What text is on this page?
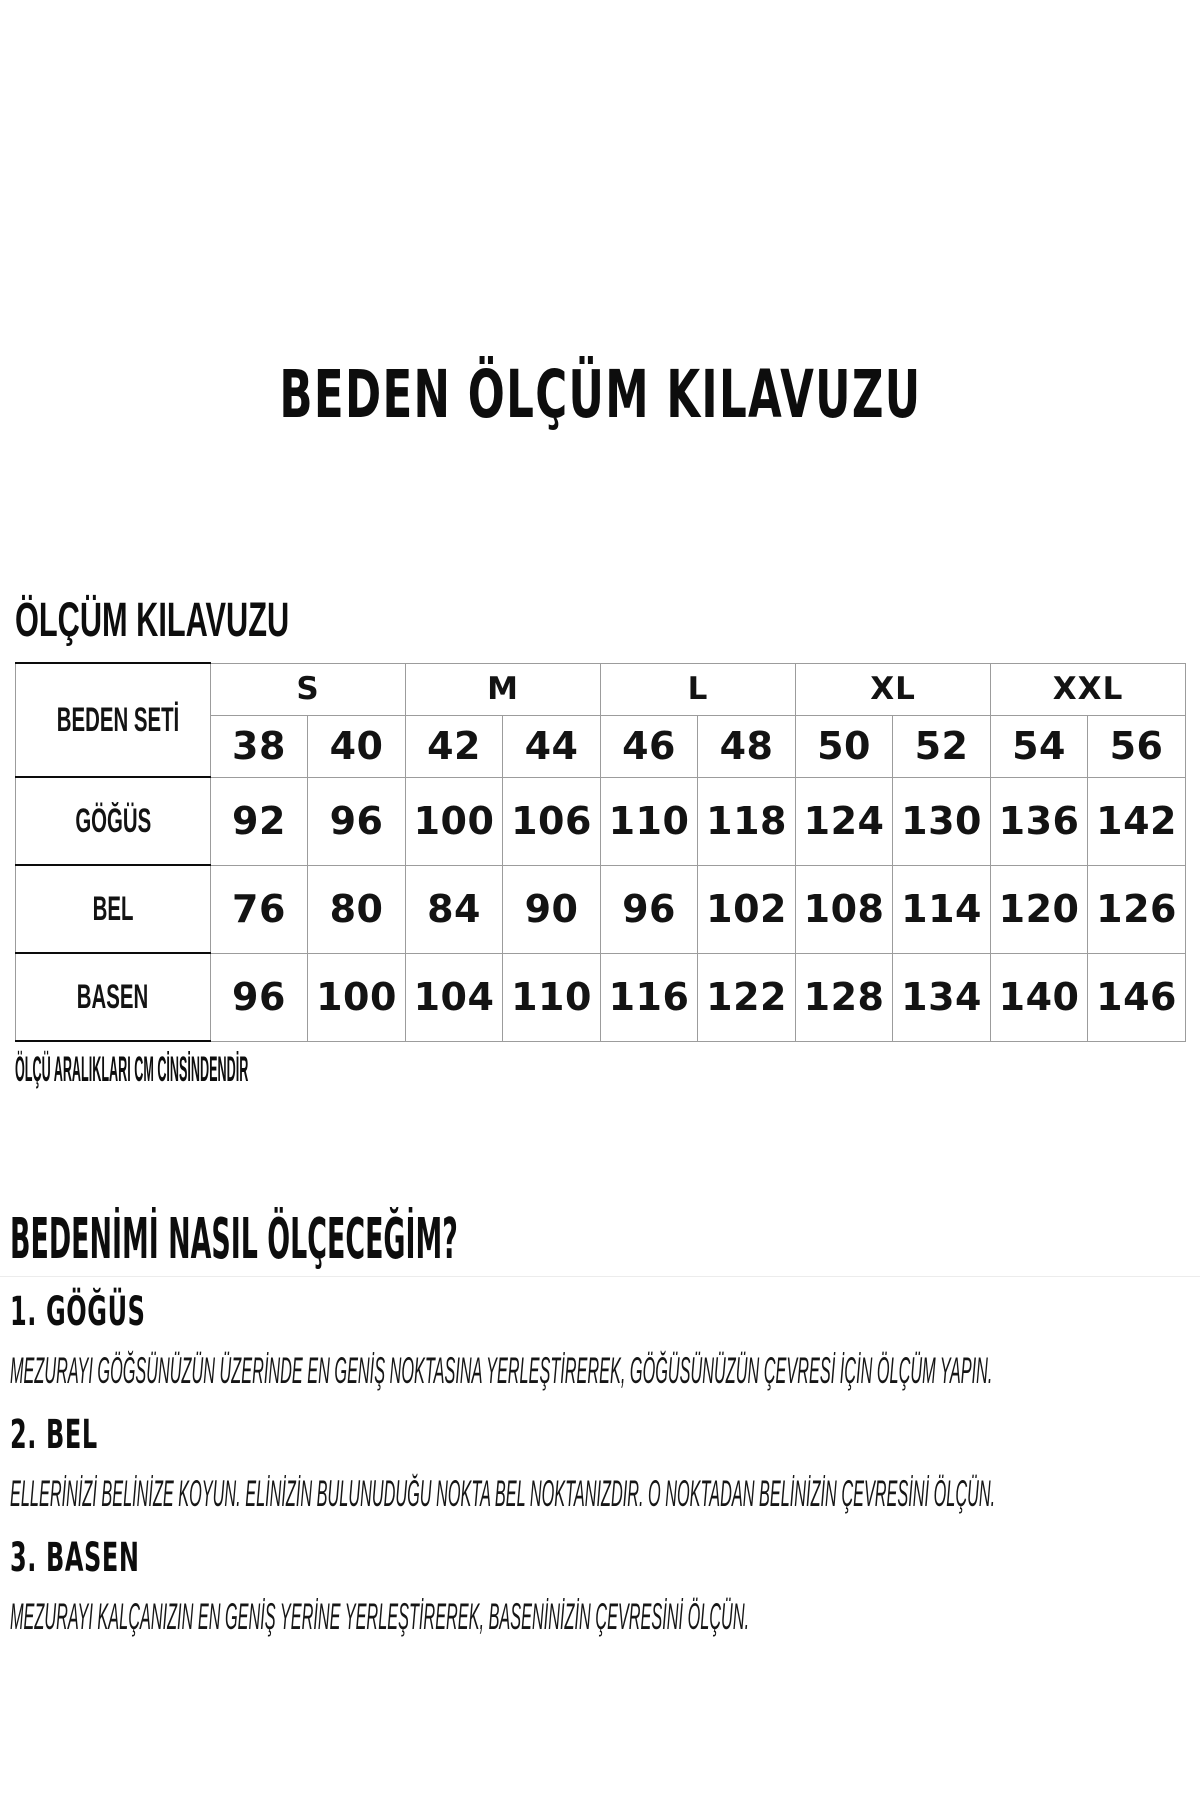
BEDEN ÖLÇÜM KILAVUZU
ÖLÇÜM KILAVUZU
BEDEN SETİ	S		M		L		XL		XXL	
	38	40	42	44	46	48	50	52	54	56
GÖĞÜS	92	96	100	106	110	118	124	130	136	142
BEL	76	80	84	90	96	102	108	114	120	126
BASEN	96	100	104	110	116	122	128	134	140	146
ÖLÇÜ ARALIKLARI CM CİNSİNDENDİR
BEDENİMİ NASIL ÖLÇECEĞİM?
1. GÖĞÜS
MEZURAYI GÖĞSÜNÜZÜN ÜZERİNDE EN GENİŞ NOKTASINA YERLEŞTİREREK, GÖĞÜSÜNÜZÜN ÇEVRESİ İÇİN ÖLÇÜM YAPIN.
2. BEL
ELLERİNİZİ BELİNİZE KOYUN. ELİNİZİN BULUNUDUĞU NOKTA BEL NOKTANIZDIR. O NOKTADAN BELİNİZİN ÇEVRESİNİ ÖLÇÜN.
3. BASEN
MEZURAYI KALÇANIZIN EN GENİŞ YERİNE YERLEŞTİREREK, BASENİNİZİN ÇEVRESİNİ ÖLÇÜN.
